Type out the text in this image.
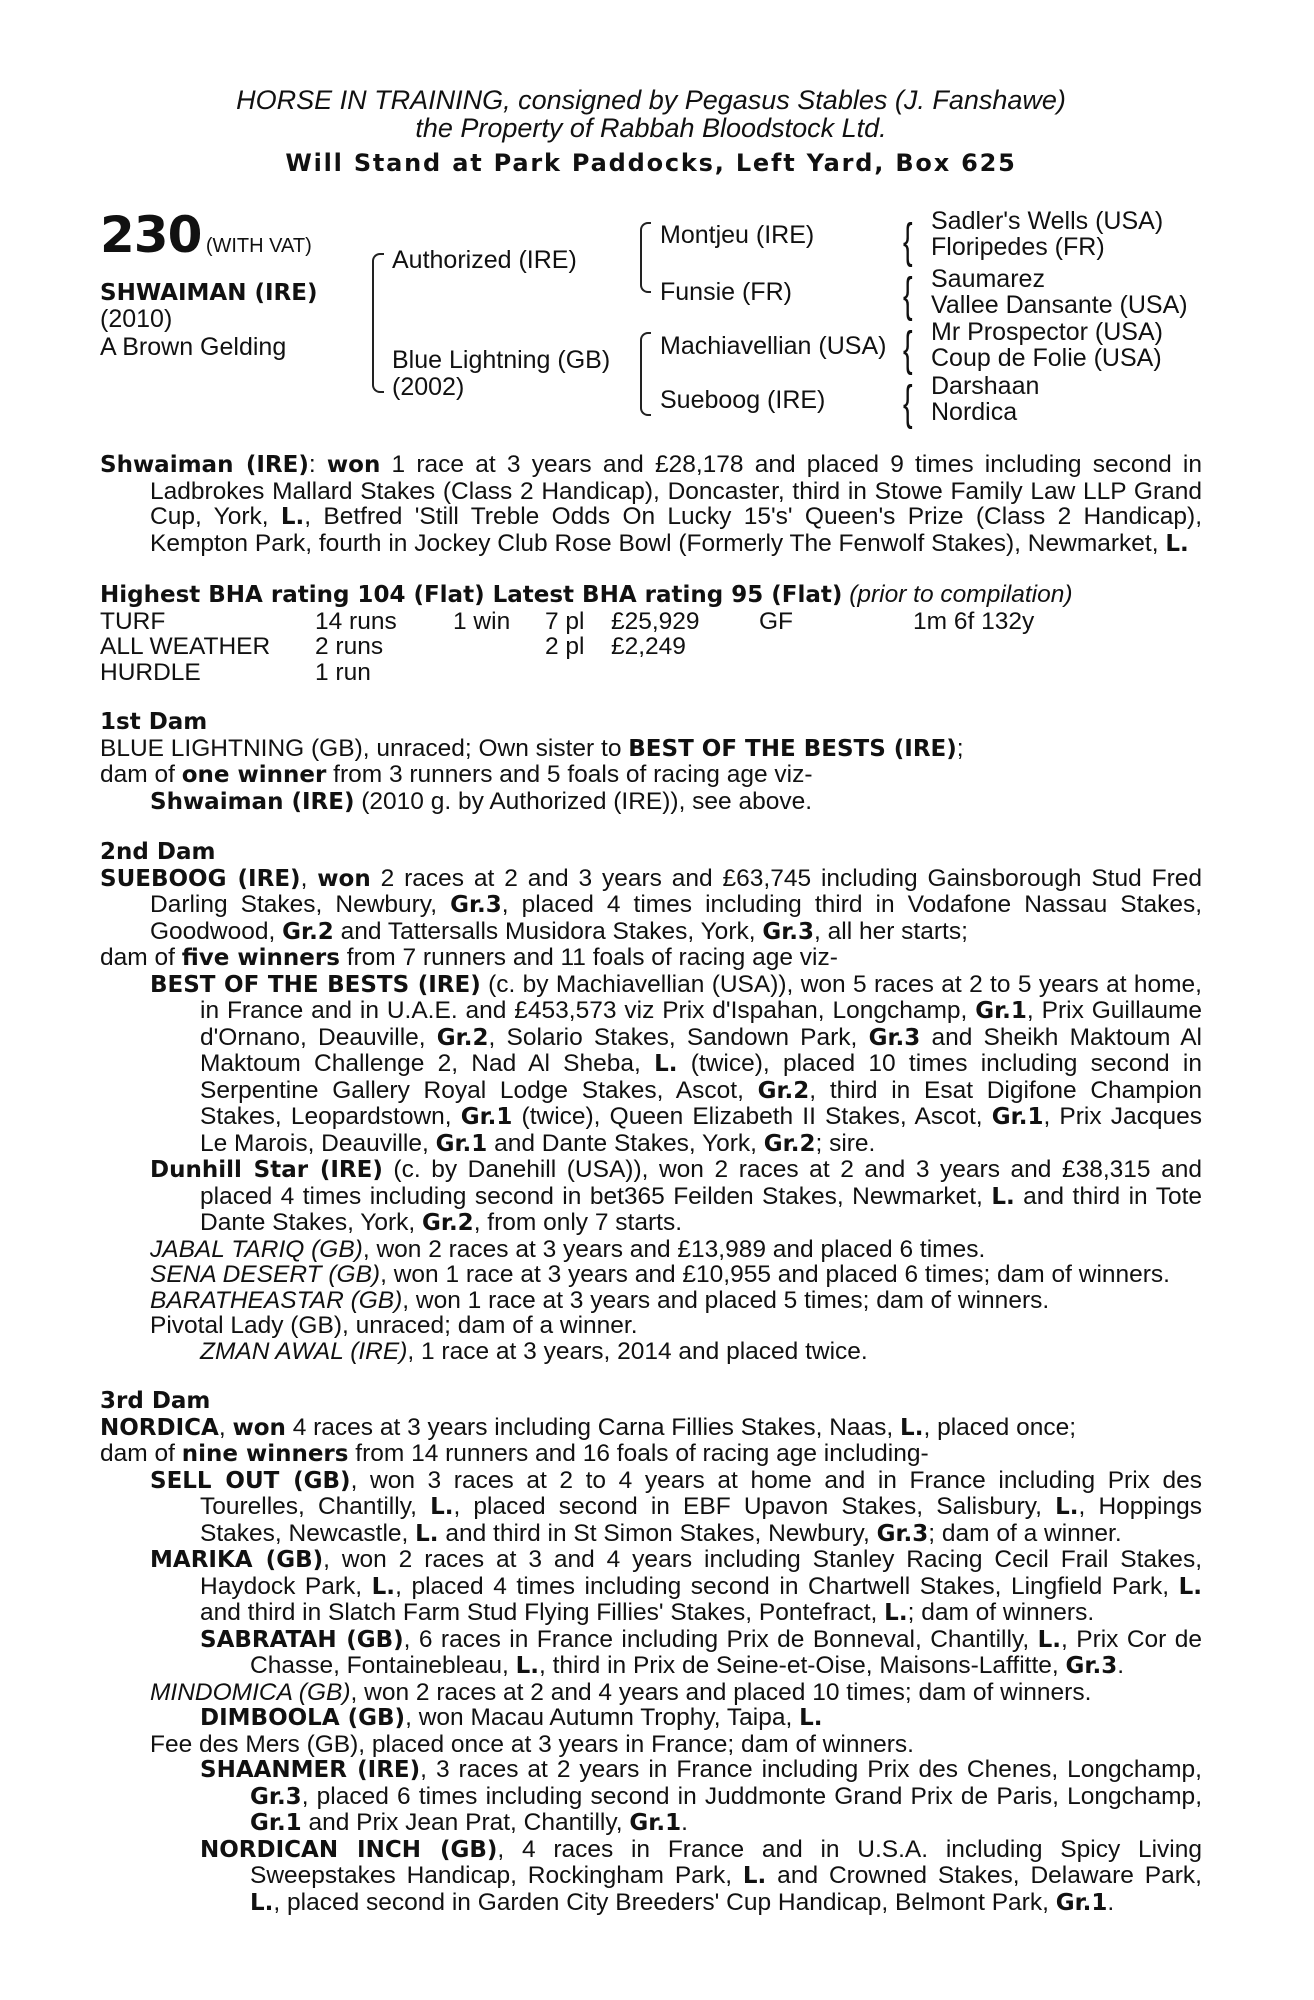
HORSE IN TRAINING, consigned by Pegasus Stables (J. Fanshawe)
the Property of Rabbah Bloodstock Ltd.
Will Stand at Park Paddocks, Left Yard, Box 625
230 (WITH VAT)
SHWAIMAN (IRE)
(2010)
A Brown Gelding
Authorized (IRE)
Blue Lightning (GB)
(2002)
Montjeu (IRE)
Funsie (FR)
Machiavellian (USA)
Sueboog (IRE)
{
{
{
{
Sadler's Wells (USA)
Floripedes (FR)
Saumarez
Vallee Dansante (USA)
Mr Prospector (USA)
Coup de Folie (USA)
Darshaan
Nordica

Shwaiman (IRE): won 1 race at 3 years and £28,178 and placed 9 times including second in Ladbrokes Mallard Stakes (Class 2 Handicap), Doncaster, third in Stowe Family Law LLP Grand Cup, York, L., Betfred 'Still Treble Odds On Lucky 15's' Queen's Prize (Class 2 Handicap), Kempton Park, fourth in Jockey Club Rose Bowl (Formerly The Fenwolf Stakes), Newmarket, L.

Highest BHA rating 104 (Flat) Latest BHA rating 95 (Flat) (prior to compilation)
TURF	14 runs	1 win	7 pl	£25,929	GF	1m 6f 132y
ALL WEATHER	2 runs		2 pl	£2,249		
HURDLE	1 run					
1st Dam

BLUE LIGHTNING (GB), unraced; Own sister to BEST OF THE BESTS (IRE);

dam of one winner from 3 runners and 5 foals of racing age viz-

Shwaiman (IRE) (2010 g. by Authorized (IRE)), see above.

2nd Dam

SUEBOOG (IRE), won 2 races at 2 and 3 years and £63,745 including Gainsborough Stud Fred Darling Stakes, Newbury, Gr.3, placed 4 times including third in Vodafone Nassau Stakes, Goodwood, Gr.2 and Tattersalls Musidora Stakes, York, Gr.3, all her starts;

dam of five winners from 7 runners and 11 foals of racing age viz-

BEST OF THE BESTS (IRE) (c. by Machiavellian (USA)), won 5 races at 2 to 5 years at home, in France and in U.A.E. and £453,573 viz Prix d'Ispahan, Longchamp, Gr.1, Prix Guillaume d'Ornano, Deauville, Gr.2, Solario Stakes, Sandown Park, Gr.3 and Sheikh Maktoum Al Maktoum Challenge 2, Nad Al Sheba, L. (twice), placed 10 times including second in Serpentine Gallery Royal Lodge Stakes, Ascot, Gr.2, third in Esat Digifone Champion Stakes, Leopardstown, Gr.1 (twice), Queen Elizabeth II Stakes, Ascot, Gr.1, Prix Jacques Le Marois, Deauville, Gr.1 and Dante Stakes, York, Gr.2; sire.

Dunhill Star (IRE) (c. by Danehill (USA)), won 2 races at 2 and 3 years and £38,315 and placed 4 times including second in bet365 Feilden Stakes, Newmarket, L. and third in Tote Dante Stakes, York, Gr.2, from only 7 starts.

JABAL TARIQ (GB), won 2 races at 3 years and £13,989 and placed 6 times.

SENA DESERT (GB), won 1 race at 3 years and £10,955 and placed 6 times; dam of winners.

BARATHEASTAR (GB), won 1 race at 3 years and placed 5 times; dam of winners.

Pivotal Lady (GB), unraced; dam of a winner.

ZMAN AWAL (IRE), 1 race at 3 years, 2014 and placed twice.

3rd Dam

NORDICA, won 4 races at 3 years including Carna Fillies Stakes, Naas, L., placed once;

dam of nine winners from 14 runners and 16 foals of racing age including-

SELL OUT (GB), won 3 races at 2 to 4 years at home and in France including Prix des Tourelles, Chantilly, L., placed second in EBF Upavon Stakes, Salisbury, L., Hoppings Stakes, Newcastle, L. and third in St Simon Stakes, Newbury, Gr.3; dam of a winner.

MARIKA (GB), won 2 races at 3 and 4 years including Stanley Racing Cecil Frail Stakes, Haydock Park, L., placed 4 times including second in Chartwell Stakes, Lingfield Park, L. and third in Slatch Farm Stud Flying Fillies' Stakes, Pontefract, L.; dam of winners.

SABRATAH (GB), 6 races in France including Prix de Bonneval, Chantilly, L., Prix Cor de Chasse, Fontainebleau, L., third in Prix de Seine-et-Oise, Maisons-Laffitte, Gr.3.

MINDOMICA (GB), won 2 races at 2 and 4 years and placed 10 times; dam of winners.

DIMBOOLA (GB), won Macau Autumn Trophy, Taipa, L.

Fee des Mers (GB), placed once at 3 years in France; dam of winners.

SHAANMER (IRE), 3 races at 2 years in France including Prix des Chenes, Longchamp, Gr.3, placed 6 times including second in Juddmonte Grand Prix de Paris, Longchamp, Gr.1 and Prix Jean Prat, Chantilly, Gr.1.

NORDICAN INCH (GB), 4 races in France and in U.S.A. including Spicy Living Sweepstakes Handicap, Rockingham Park, L. and Crowned Stakes, Delaware Park, L., placed second in Garden City Breeders' Cup Handicap, Belmont Park, Gr.1.
